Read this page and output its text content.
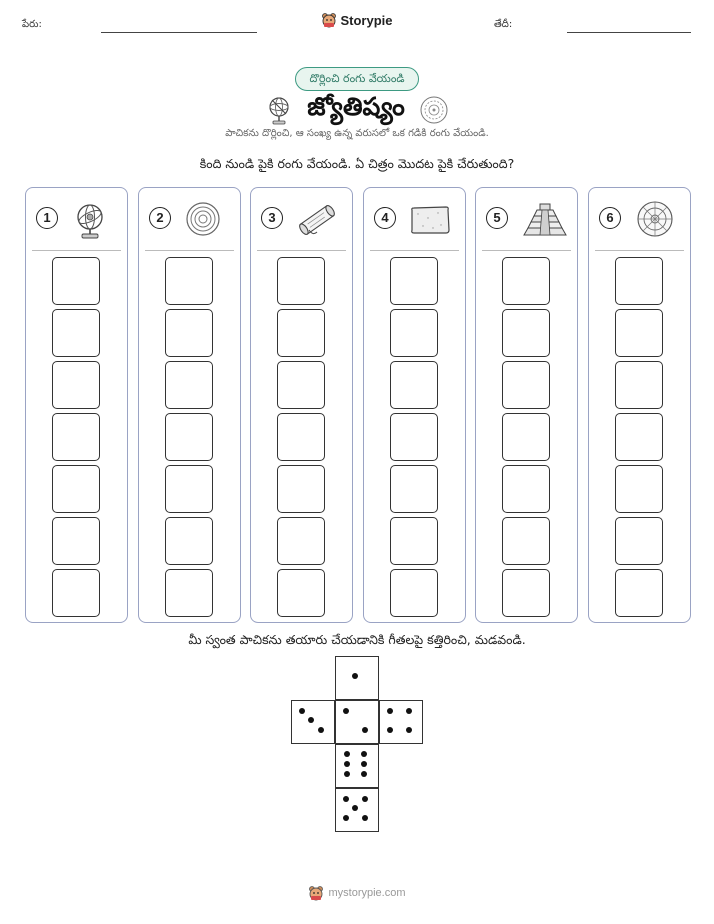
పేరు:	Storypie	తేదీ:
దొర్లించి రంగు వేయండి
జ్యోతిష్యం
పాచికను దొర్లించి, ఆ సంఖ్య ఉన్న వరుసలో ఒక గడికి రంగు వేయండి.
కింది నుండి పైకి రంగు వేయండి. ఏ చిత్రం మొదట పైకి చేరుతుంది?
1	2	3	4	5	6
మీ స్వంత పాచికను తయారు చేయడానికి గీతలపై కత్తిరించి, మడవండి.
mystorypie.com
